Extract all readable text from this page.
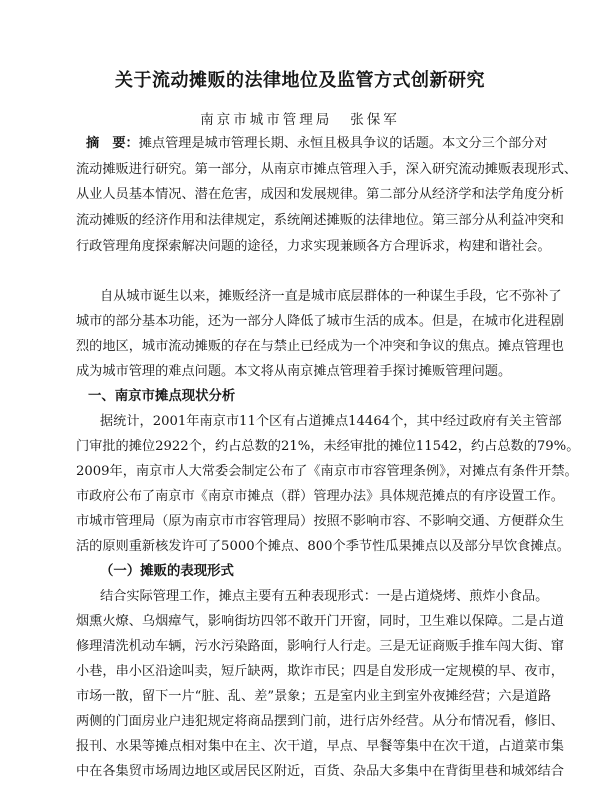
关于流动摊贩的法律地位及监管方式创新研究
南京市城市管理局 张保军
摘　要：摊点管理是城市管理长期、永恒且极具争议的话题。本文分三个部分对
流动摊贩进行研究。第一部分，从南京市摊点管理入手，深入研究流动摊贩表现形式、
从业人员基本情况、潜在危害，成因和发展规律。第二部分从经济学和法学角度分析
流动摊贩的经济作用和法律规定，系统阐述摊贩的法律地位。第三部分从利益冲突和
行政管理角度探索解决问题的途径，力求实现兼顾各方合理诉求，构建和谐社会。
自从城市诞生以来，摊贩经济一直是城市底层群体的一种谋生手段，它不弥补了
城市的部分基本功能，还为一部分人降低了城市生活的成本。但是，在城市化进程剧
烈的地区，城市流动摊贩的存在与禁止已经成为一个冲突和争议的焦点。摊点管理也
成为城市管理的难点问题。本文将从南京摊点管理着手探讨摊贩管理问题。
一、南京市摊点现状分析
据统计，2001年南京市11个区有占道摊点14464个，其中经过政府有关主管部
门审批的摊位2922个，约占总数的21%，未经审批的摊位11542，约占总数的79%。
2009年，南京市人大常委会制定公布了《南京市市容管理条例》，对摊点有条件开禁。
市政府公布了南京市《南京市摊点（群）管理办法》具体规范摊点的有序设置工作。
市城市管理局（原为南京市市容管理局）按照不影响市容、不影响交通、方便群众生
活的原则重新核发许可了5000个摊点、800个季节性瓜果摊点以及部分早饮食摊点。
（一）摊贩的表现形式
结合实际管理工作，摊点主要有五种表现形式：一是占道烧烤、煎炸小食品。
烟熏火燎、乌烟瘴气，影响街坊四邻不敢开门开窗，同时，卫生难以保障。二是占道
修理清洗机动车辆，污水污染路面，影响行人行走。三是无证商贩手推车闯大街、窜
小巷，串小区沿途叫卖，短斤缺两，欺诈市民；四是自发形成一定规模的早、夜市，
市场一散，留下一片“脏、乱、差”景象；五是室内业主到室外夜摊经营；六是道路
两侧的门面房业户违犯规定将商品摆到门前，进行店外经营。从分布情况看，修旧、
报刊、水果等摊点相对集中在主、次干道，早点、早餐等集中在次干道，占道菜市集
中在各集贸市场周边地区或居民区附近，百货、杂品大多集中在背街里巷和城郊结合
